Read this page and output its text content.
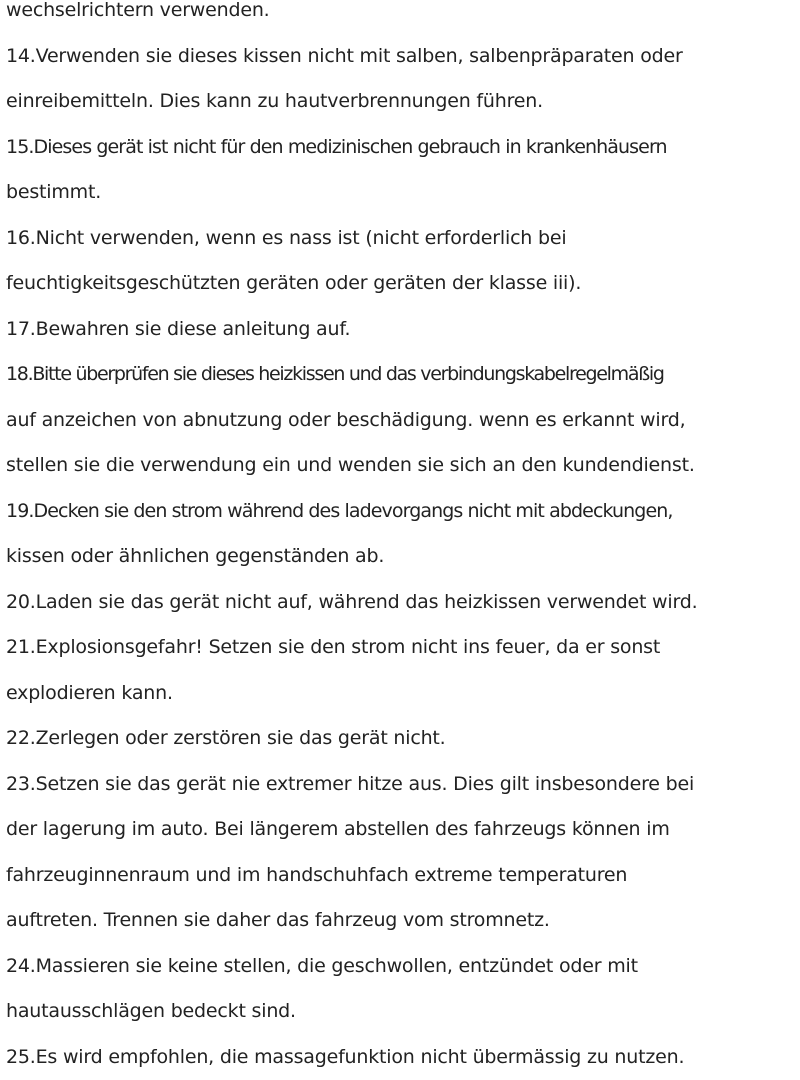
wechselrichtern verwenden.
14.Verwenden sie dieses kissen nicht mit salben, salbenpräparaten oder
einreibemitteln. Dies kann zu hautverbrennungen führen.
15.Dieses gerät ist nicht für den medizinischen gebrauch in krankenhäusern
bestimmt.
16.Nicht verwenden, wenn es nass ist (nicht erforderlich bei
feuchtigkeitsgeschützten geräten oder geräten der klasse iii).
17.Bewahren sie diese anleitung auf.
18.Bitte überprüfen sie dieses heizkissen und das verbindungskabelregelmäßig
auf anzeichen von abnutzung oder beschädigung. wenn es erkannt wird,
stellen sie die verwendung ein und wenden sie sich an den kundendienst.
19.Decken sie den strom während des ladevorgangs nicht mit abdeckungen,
kissen oder ähnlichen gegenständen ab.
20.Laden sie das gerät nicht auf, während das heizkissen verwendet wird.
21.Explosionsgefahr! Setzen sie den strom nicht ins feuer, da er sonst
explodieren kann.
22.Zerlegen oder zerstören sie das gerät nicht.
23.Setzen sie das gerät nie extremer hitze aus. Dies gilt insbesondere bei
der lagerung im auto. Bei längerem abstellen des fahrzeugs können im
fahrzeuginnenraum und im handschuhfach extreme temperaturen
auftreten. Trennen sie daher das fahrzeug vom stromnetz.
24.Massieren sie keine stellen, die geschwollen, entzündet oder mit
hautausschlägen bedeckt sind.
25.Es wird empfohlen, die massagefunktion nicht übermässig zu nutzen.
